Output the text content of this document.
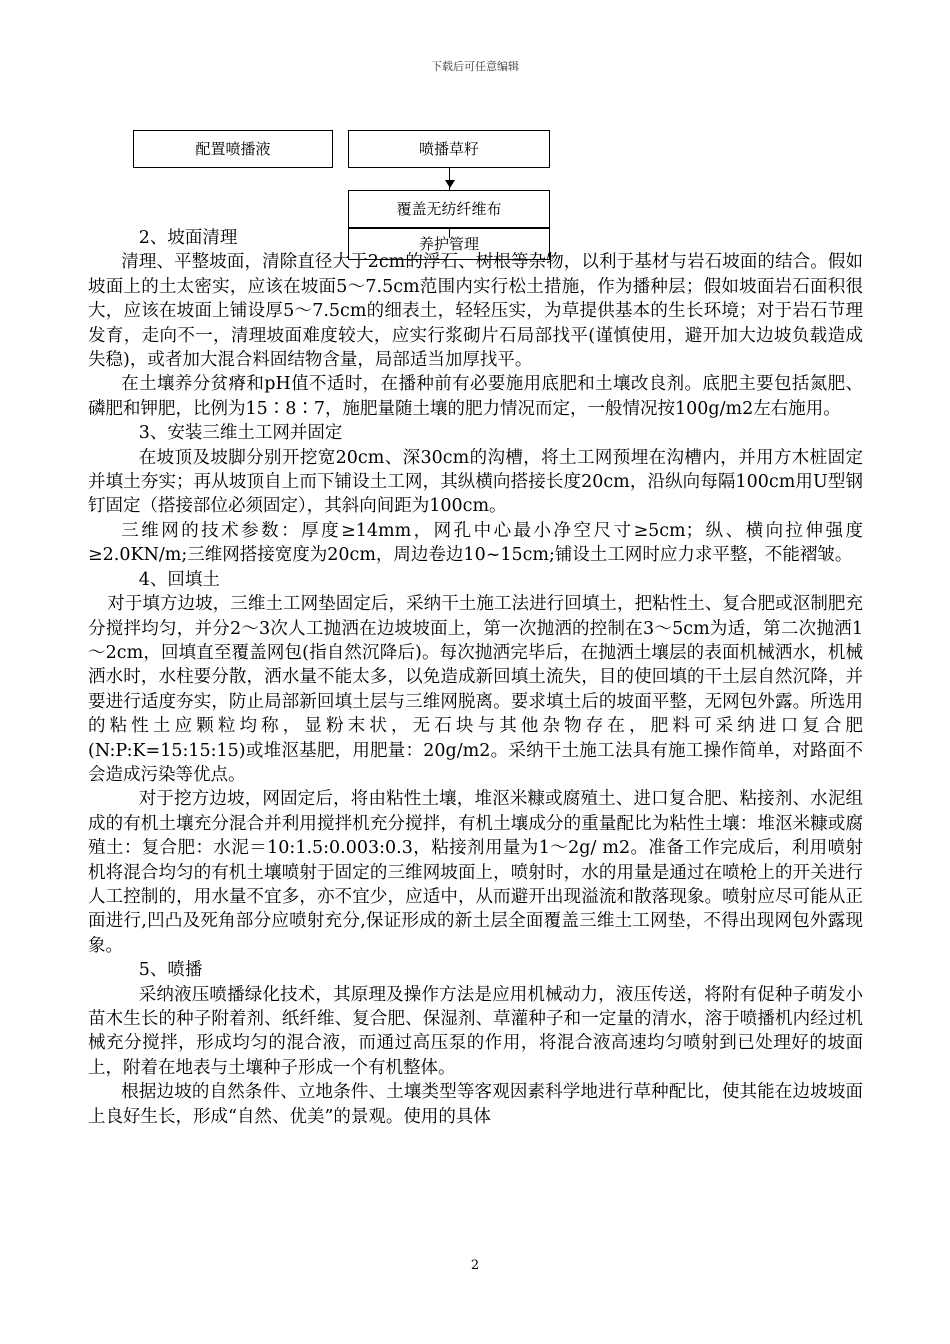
下载后可任意编辑
配置喷播液	喷播草籽
覆盖无纺纤维布

2、坡面清理

清理、平整坡面，清除直径大于2cm的浮石、树根等杂物，以利于基材与岩石坡面的结合。假如坡面上的土太密实，应该在坡面5～7.5cm范围内实行松土措施，作为播种层；假如坡面岩石面积很大，应该在坡面上铺设厚5～7.5cm的细表土，轻轻压实，为草提供基本的生长环境；对于岩石节理发育，走向不一，清理坡面难度较大，应实行浆砌片石局部找平(谨慎使用，避开加大边坡负载造成失稳)，或者加大混合料固结物含量，局部适当加厚找平。

在土壤养分贫瘠和pH值不适时，在播种前有必要施用底肥和土壤改良剂。底肥主要包括氮肥、磷肥和钾肥，比例为15∶8∶7，施肥量随土壤的肥力情况而定，一般情况按100g/m2左右施用。

3、安装三维土工网并固定

在坡顶及坡脚分别开挖宽20cm、深30cm的沟槽，将土工网预埋在沟槽内，并用方木桩固定并填土夯实；再从坡顶自上而下铺设土工网，其纵横向搭接长度20cm，沿纵向每隔100cm用U型钢钉固定（搭接部位必须固定），其斜向间距为100cm。

三维网的技术参数：厚度≥14mm，网孔中心最小净空尺寸≥5cm；纵、横向拉伸强度≥2.0KN/m;三维网搭接宽度为20cm，周边卷边10~15cm;铺设土工网时应力求平整，不能褶皱。

4、回填土

对于填方边坡，三维土工网垫固定后，采纳干土施工法进行回填土，把粘性土、复合肥或沤制肥充分搅拌均匀，并分2～3次人工抛洒在边坡坡面上，第一次抛洒的控制在3～5cm为适，第二次抛洒1～2cm，回填直至覆盖网包(指自然沉降后)。每次抛洒完毕后，在抛洒土壤层的表面机械洒水，机械洒水时，水柱要分散，洒水量不能太多，以免造成新回填土流失，目的使回填的干土层自然沉降，并要进行适度夯实，防止局部新回填土层与三维网脱离。要求填土后的坡面平整，无网包外露。所选用的粘性土应颗粒均称，显粉末状，无石块与其他杂物存在，肥料可采纳进口复合肥(N:P:K=15:15:15)或堆沤基肥，用肥量：20g/m2。采纳干土施工法具有施工操作简单，对路面不会造成污染等优点。

对于挖方边坡，网固定后，将由粘性土壤，堆沤米糠或腐殖土、进口复合肥、粘接剂、水泥组成的有机土壤充分混合并利用搅拌机充分搅拌，有机土壤成分的重量配比为粘性土壤：堆沤米糠或腐殖土：复合肥：水泥＝10:1.5:0.003:0.3，粘接剂用量为1～2g/ m2。准备工作完成后，利用喷射机将混合均匀的有机土壤喷射于固定的三维网坡面上，喷射时，水的用量是通过在喷枪上的开关进行人工控制的，用水量不宜多，亦不宜少，应适中，从而避开出现溢流和散落现象。喷射应尽可能从正面进行,凹凸及死角部分应喷射充分,保证形成的新土层全面覆盖三维土工网垫，不得出现网包外露现象。

5、喷播

采纳液压喷播绿化技术，其原理及操作方法是应用机械动力，液压传送，将附有促种子萌发小苗木生长的种子附着剂、纸纤维、复合肥、保湿剂、草灌种子和一定量的清水，溶于喷播机内经过机械充分搅拌，形成均匀的混合液，而通过高压泵的作用，将混合液高速均匀喷射到已处理好的坡面上，附着在地表与土壤种子形成一个有机整体。

根据边坡的自然条件、立地条件、土壤类型等客观因素科学地进行草种配比，使其能在边坡坡面上良好生长，形成“自然、优美”的景观。使用的具体

养护管理
2
